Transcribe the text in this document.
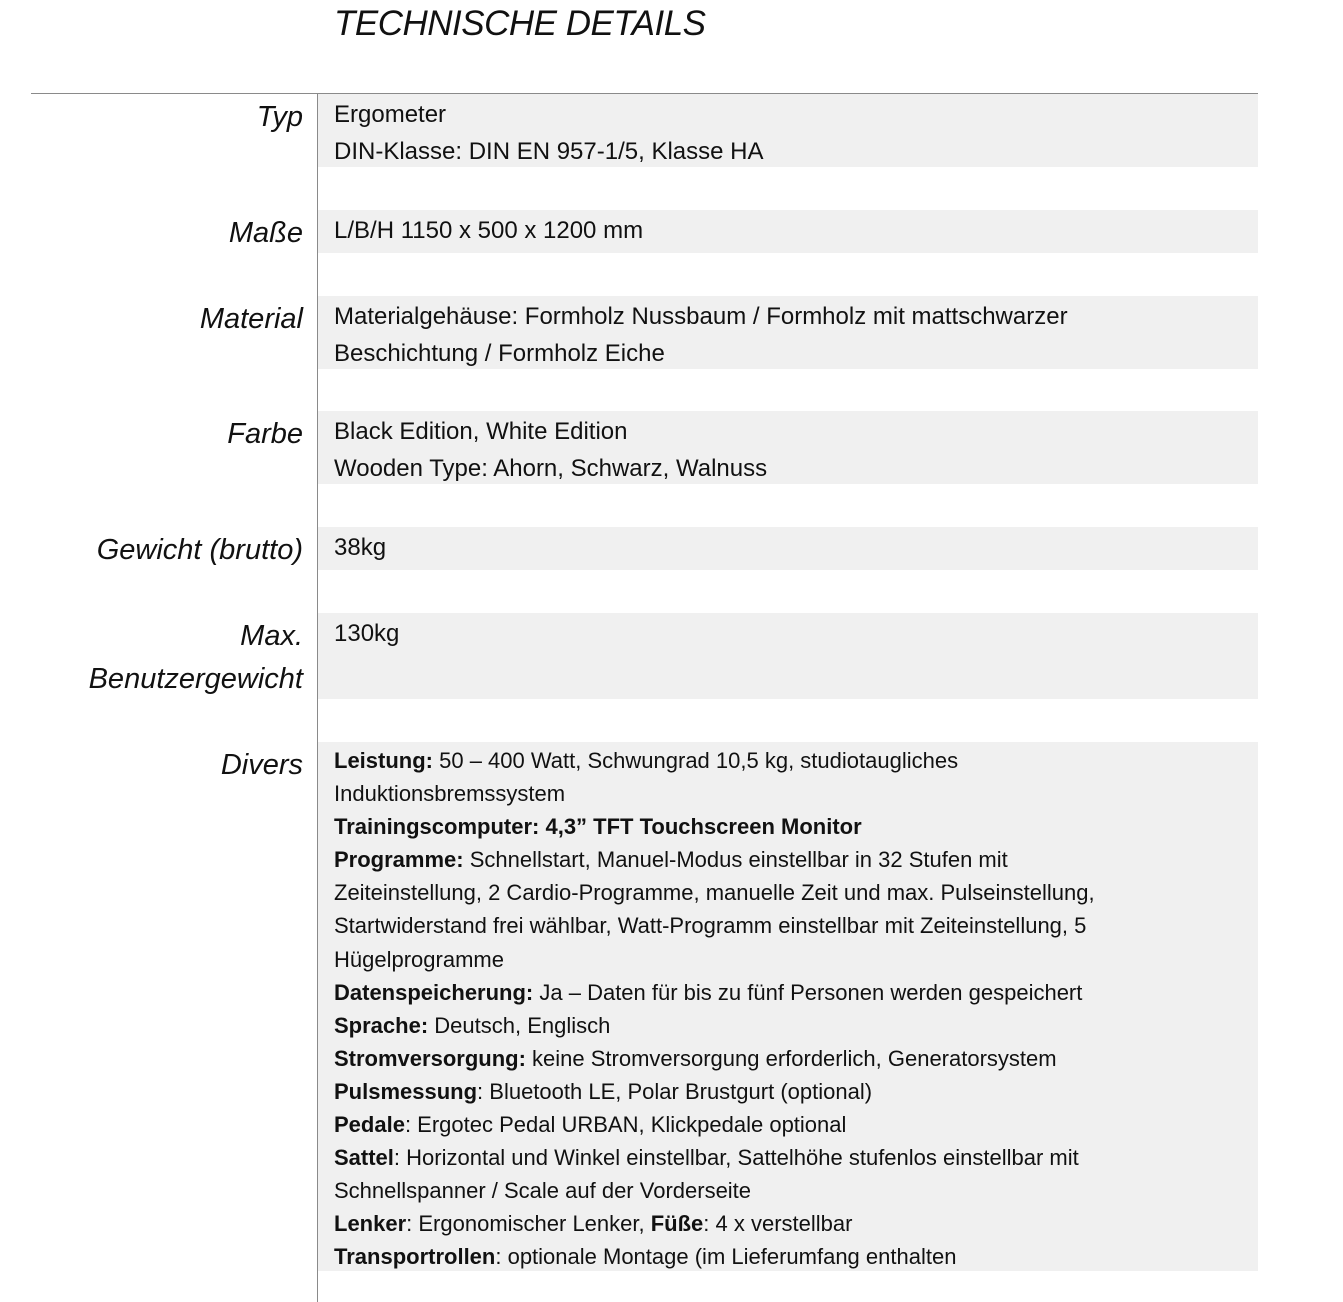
TECHNISCHE DETAILS
Typ Ergometer
DIN-Klasse: DIN EN 957-1/5, Klasse HA
Maße L/B/H 1150 x 500 x 1200 mm
Material Materialgehäuse: Formholz Nussbaum / Formholz mit mattschwarzer
Beschichtung / Formholz Eiche
Farbe Black Edition, White Edition
Wooden Type: Ahorn, Schwarz, Walnuss
Gewicht (brutto) 38kg
Max.
Benutzergewicht
130kg
Divers Leistung: 50 – 400 Watt, Schwungrad 10,5 kg, studiotaugliches
Induktionsbremssystem
Trainingscomputer: 4,3” TFT Touchscreen Monitor
Programme: Schnellstart, Manuel-Modus einstellbar in 32 Stufen mit
Zeiteinstellung, 2 Cardio-Programme, manuelle Zeit und max. Pulseinstellung,
Startwiderstand frei wählbar, Watt-Programm einstellbar mit Zeiteinstellung, 5
Hügelprogramme
Datenspeicherung: Ja – Daten für bis zu fünf Personen werden gespeichert
Sprache: Deutsch, Englisch
Stromversorgung: keine Stromversorgung erforderlich, Generatorsystem
Pulsmessung: Bluetooth LE, Polar Brustgurt (optional)
Pedale: Ergotec Pedal URBAN, Klickpedale optional
Sattel: Horizontal und Winkel einstellbar, Sattelhöhe stufenlos einstellbar mit
Schnellspanner / Scale auf der Vorderseite
Lenker: Ergonomischer Lenker, Füße: 4 x verstellbar
Transportrollen: optionale Montage (im Lieferumfang enthalten
